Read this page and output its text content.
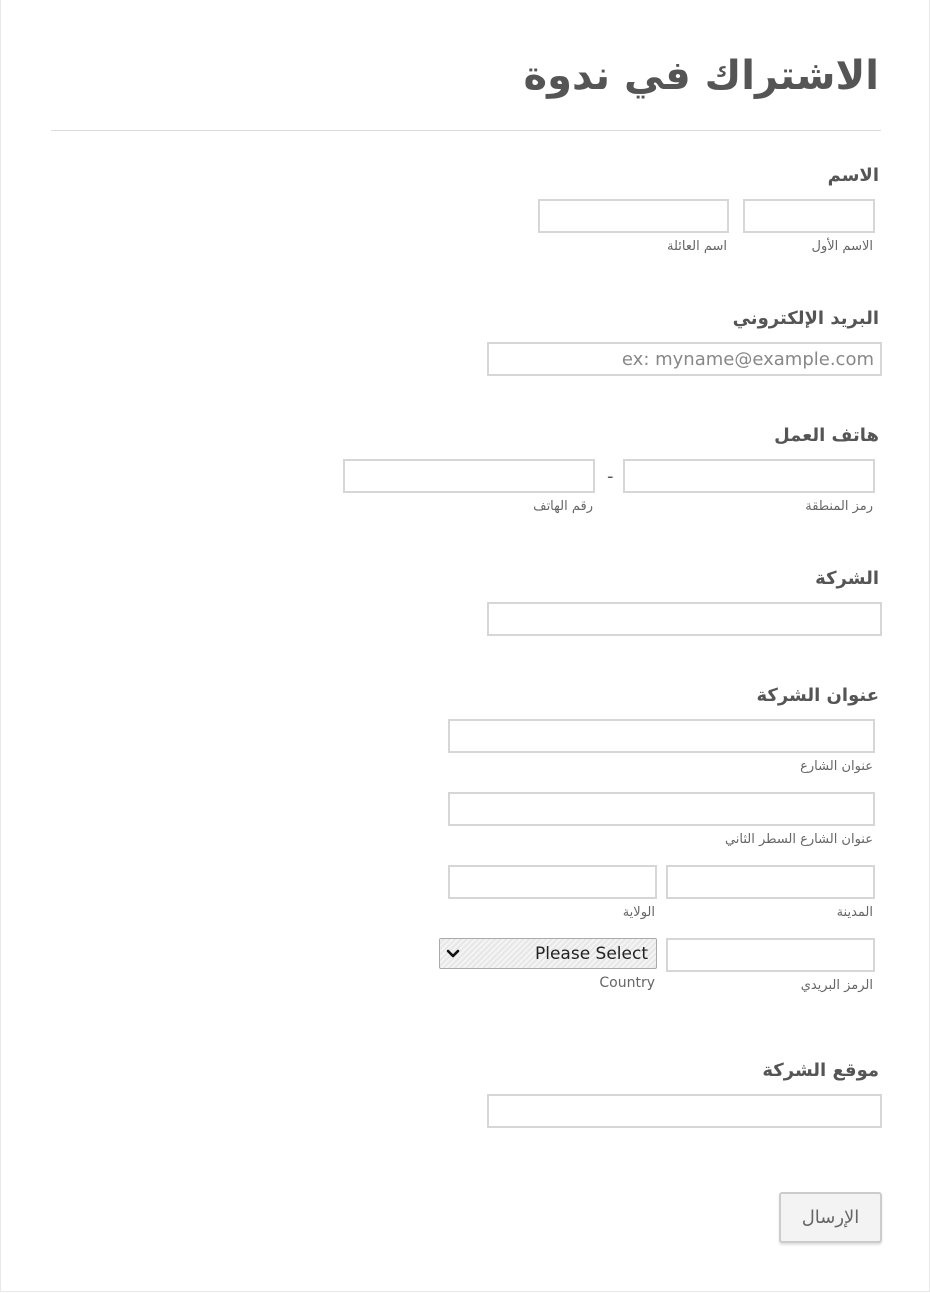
الاشتراك في ندوة
الاسم
الاسم الأول
اسم العائلة
البريد الإلكتروني
ex: myname@example.com
هاتف العمل
-
رمز المنطقة
رقم الهاتف
الشركة
عنوان الشركة
عنوان الشارع
عنوان الشارع السطر الثاني
المدينة
الولاية
Please Select
الرمز البريدي
Country
موقع الشركة
الإرسال
